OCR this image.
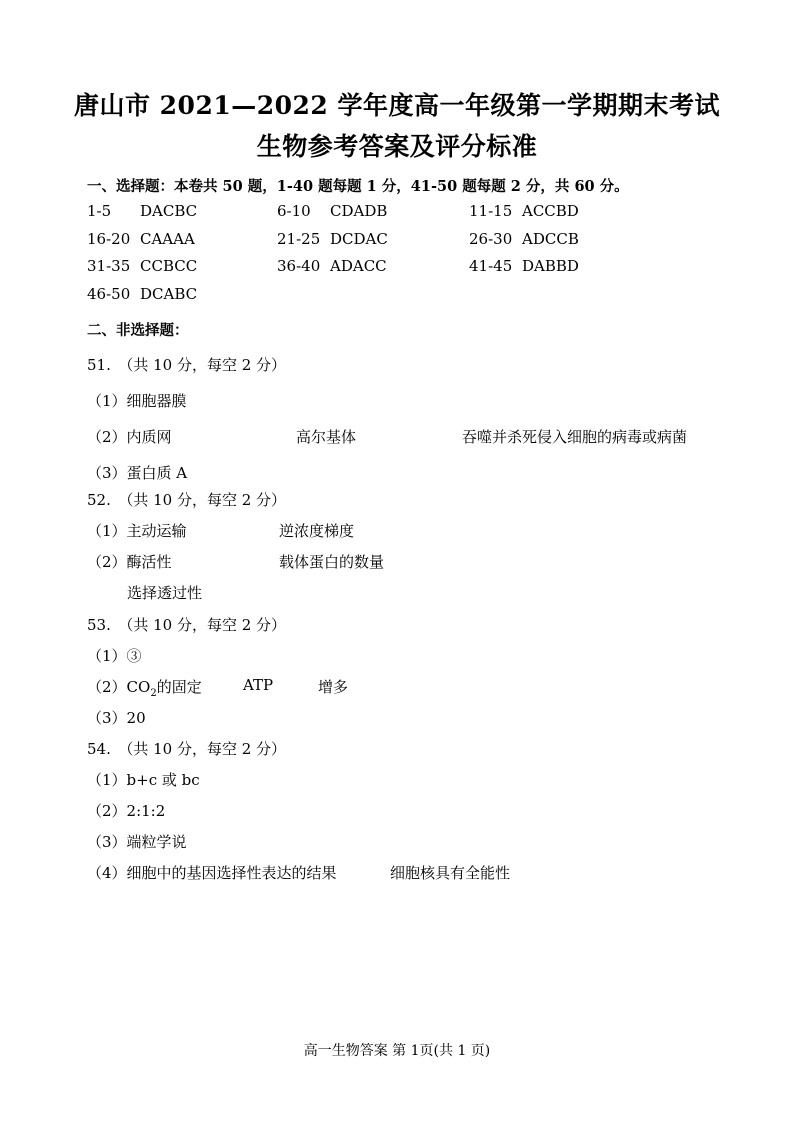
唐山市 2021—2022 学年度高一年级第一学期期末考试
生物参考答案及评分标准
一、选择题：本卷共 50 题，1-40 题每题 1 分，41-50 题每题 2 分，共 60 分。
1-5 DACBC	6-10 CDADB	11-15 ACCBD
16-20 CAAAA	21-25 DCDAC	26-30 ADCCB
31-35 CCBCC	36-40 ADACC	41-45 DABBD
46-50 DCABC
二、非选择题：
51.　（共 10 分，每空 2 分）
（1）细胞器膜
（2）内质网	高尔基体	吞噬并杀死侵入细胞的病毒或病菌
（3）蛋白质 A
52.　（共 10 分，每空 2 分）
（1）主动运输	逆浓度梯度
（2）酶活性	载体蛋白的数量
选择透过性
53.　（共 10 分，每空 2 分）
（1）③
$(2)CO_2$的固定	ATP	增多
（3）20
54.　（共 10 分，每空 2 分）
（1）b+c 或 bc
（2）2:1:2
（3）端粒学说
（4）细胞中的基因选择性表达的结果	细胞核具有全能性
高一生物答案 第 1页(共 1 页)
